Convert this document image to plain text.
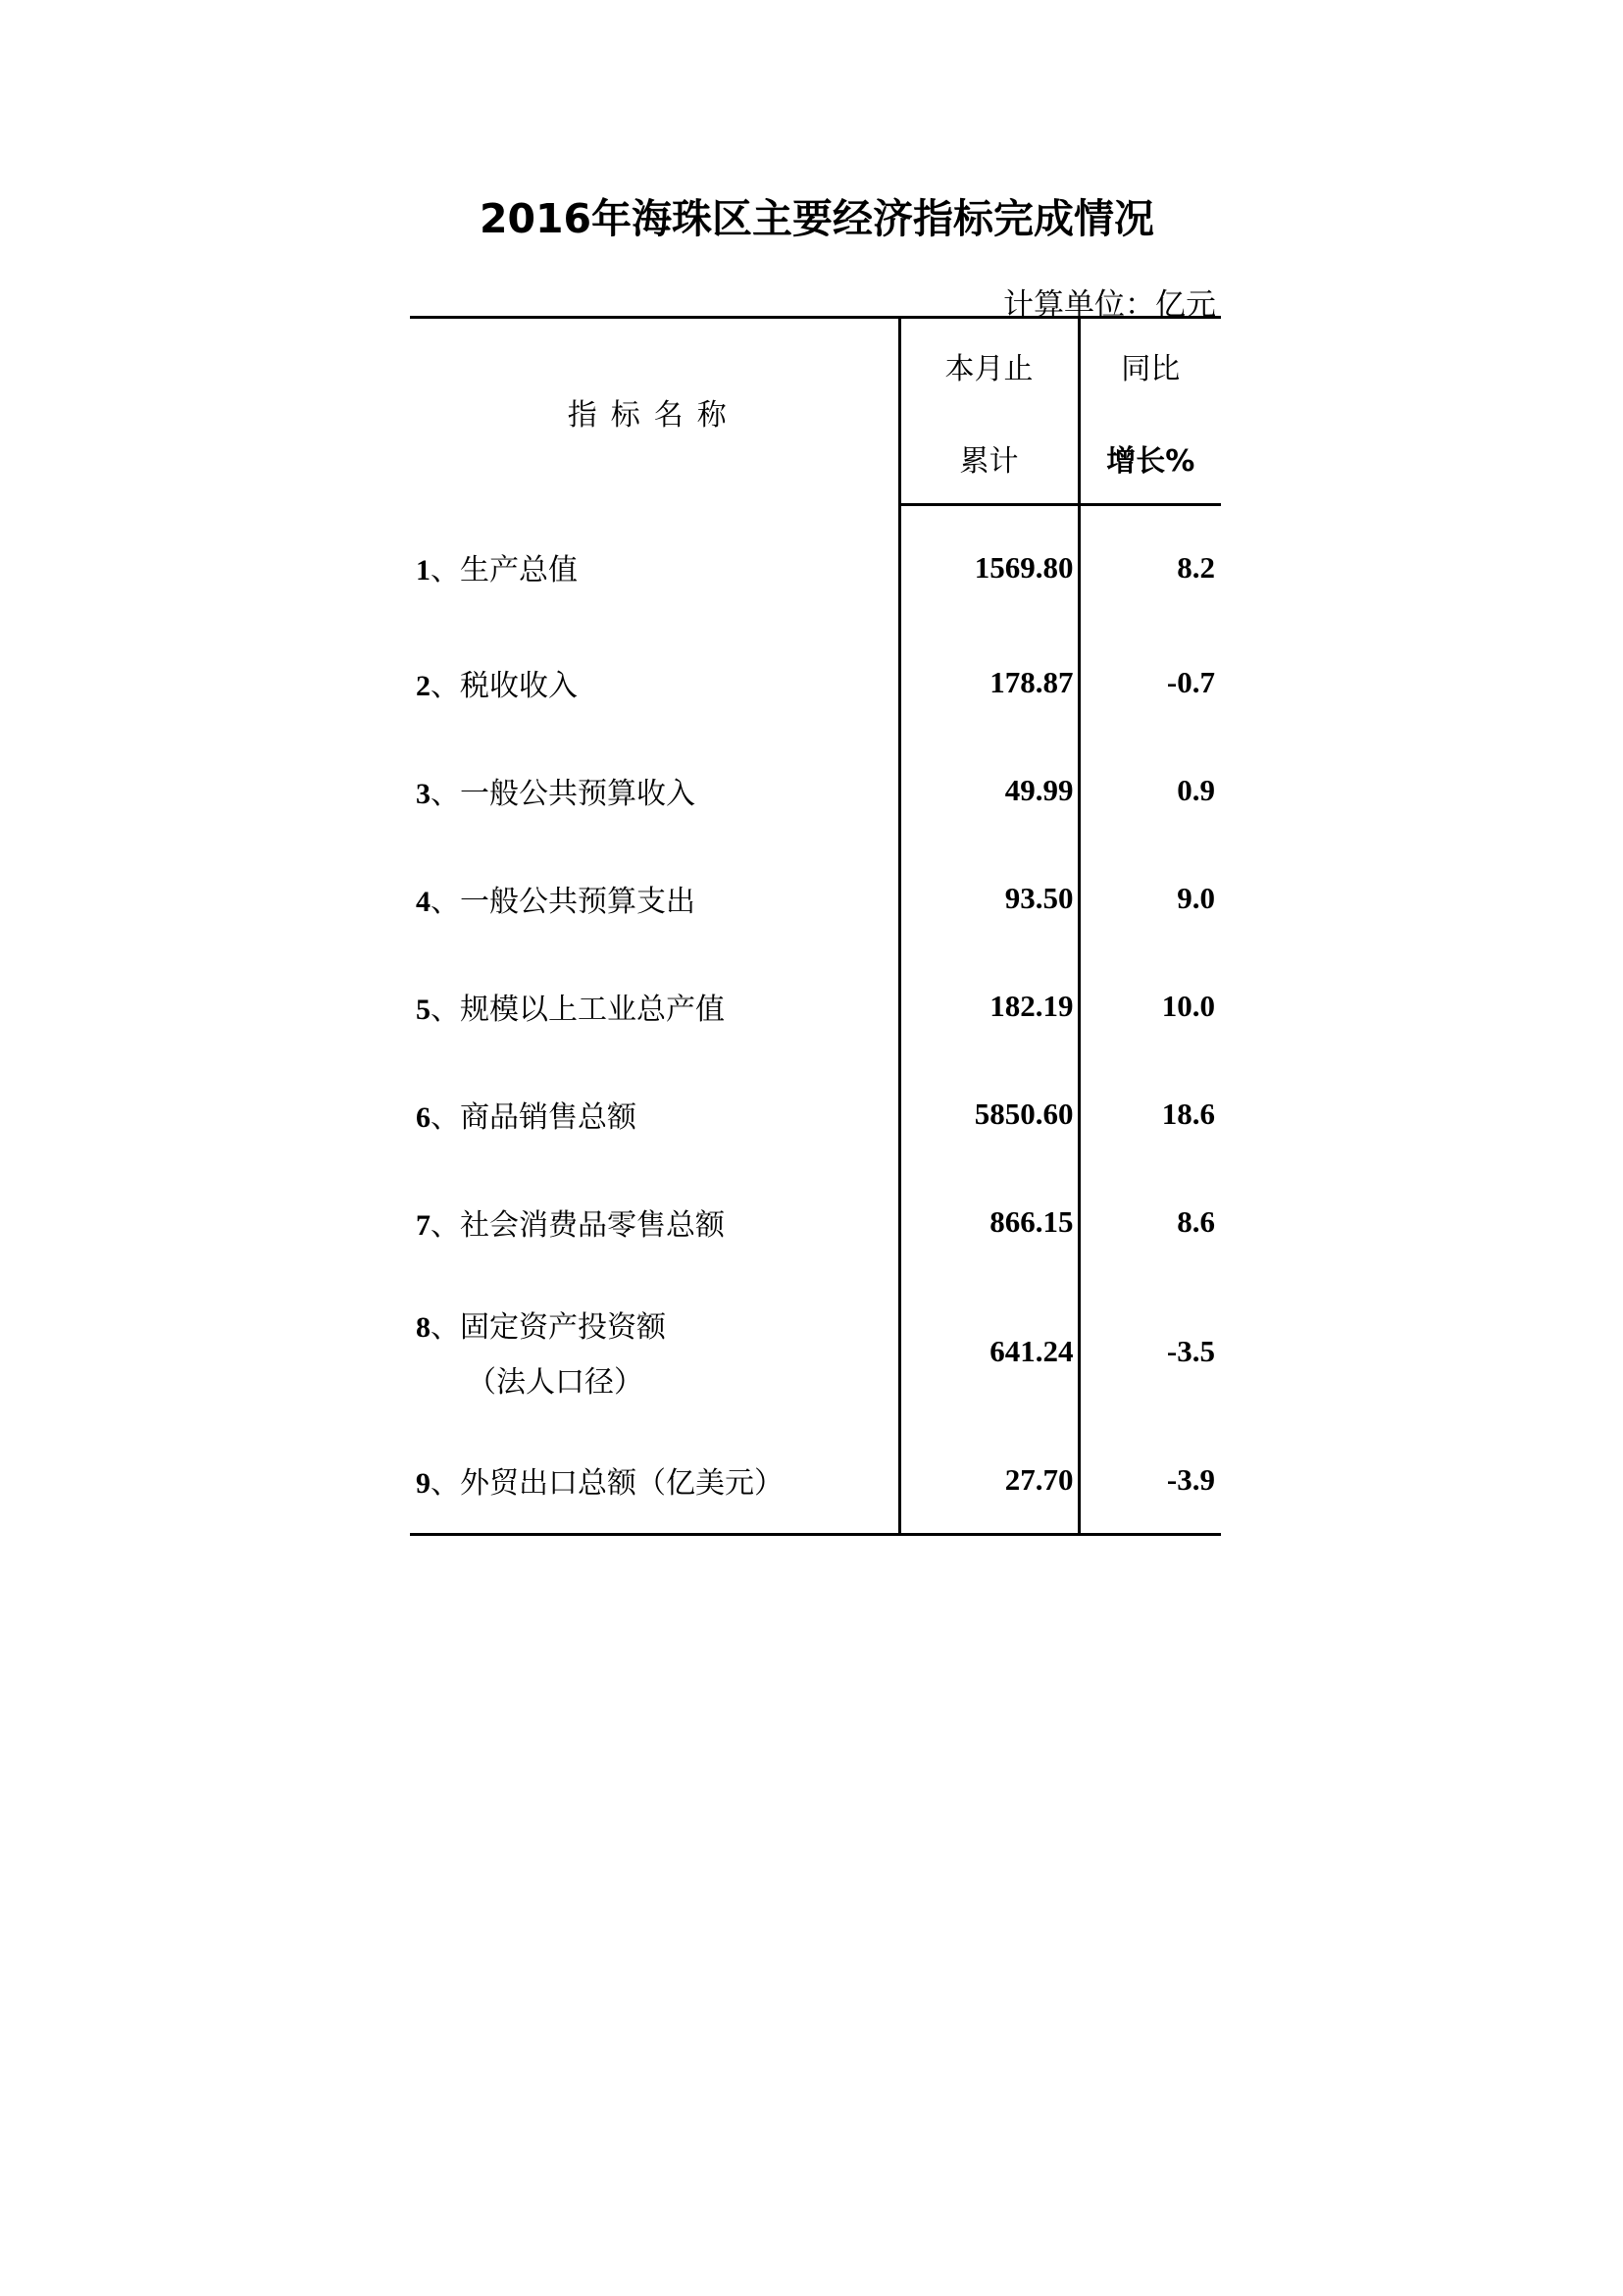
2016年海珠区主要经济指标完成情况
计算单位：亿元
指标名称	本月止	同比
	累计	增长%
1、生产总值	1569.80	8.2
2、税收收入	178.87	-0.7
3、一般公共预算收入	49.99	0.9
4、一般公共预算支出	93.50	9.0
5、规模以上工业总产值	182.19	10.0
6、商品销售总额	5850.60	18.6
7、社会消费品零售总额	866.15	8.6
8、固定资产投资额
（法人口径）	641.24	-3.5
9、外贸出口总额（亿美元）	27.70	-3.9
